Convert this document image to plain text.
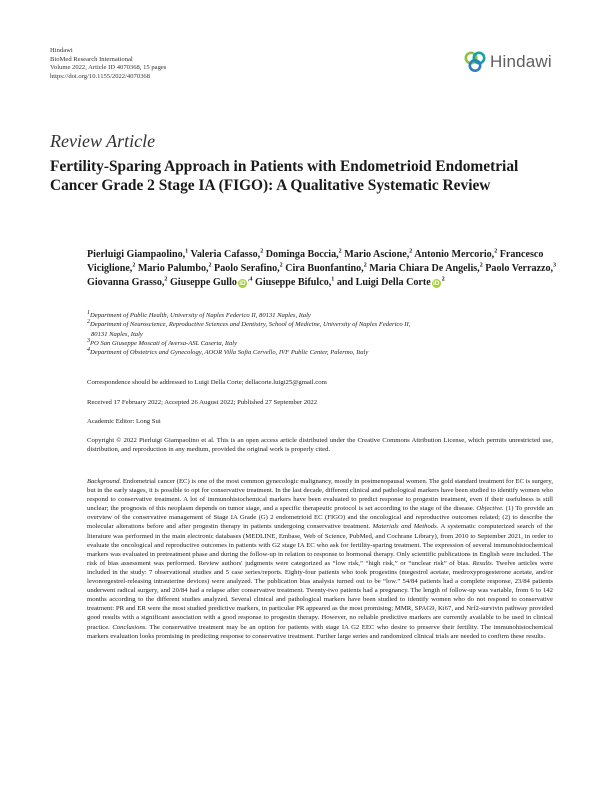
Hindawi
BioMed Research International
Volume 2022, Article ID 4070368, 15 pages
https://doi.org/10.1155/2022/4070368
Hindawi
Review Article
Fertility-Sparing Approach in Patients with Endometrioid Endometrial Cancer Grade 2 Stage IA (FIGO): A Qualitative Systematic Review
Pierluigi Giampaolino,$^1$ Valeria Cafasso,$^2$ Dominga Boccia,$^2$ Mario Ascione,$^2$ Antonio Mercorio,$^2$ Francesco Viciglione,$^2$ Mario Palumbo,$^2$ Paolo Serafino,$^2$ Cira Buonfantino,$^2$ Maria Chiara De Angelis,$^2$ Paolo Verrazzo,$^3$ Giovanna Grasso,$^2$ Giuseppe Gullo iD $^{,4}$ Giuseppe Bifulco,$^1$ and Luigi Della Corte iD $^2$
$^1$Department of Public Health, University of Naples Federico II, 80131 Naples, Italy
$^2$Department of Neuroscience, Reproductive Sciences and Dentistry, School of Medicine, University of Naples Federico II,
80131 Naples, Italy
$^3$PO San Giuseppe Moscati of Aversa-ASL Caserta, Italy
$^4$Department of Obstetrics and Gynecology, AOOR Villa Sofia Cervello, IVF Public Center, Palermo, Italy
Correspondence should be addressed to Luigi Della Corte; dellacorte.luigi25@gmail.com
Received 17 February 2022; Accepted 26 August 2022; Published 27 September 2022
Academic Editor: Long Sui
Copyright © 2022 Pierluigi Giampaolino et al. This is an open access article distributed under the Creative Commons Attribution License, which permits unrestricted use, distribution, and reproduction in any medium, provided the original work is properly cited.
Background. Endometrial cancer (EC) is one of the most common gynecologic malignancy, mostly in postmenopausal women. The gold standard treatment for EC is surgery, but in the early stages, it is possible to opt for conservative treatment. In the last decade, different clinical and pathological markers have been studied to identify women who respond to conservative treatment. A lot of immunohistochemical markers have been evaluated to predict response to progestin treatment, even if their usefulness is still unclear; the prognosis of this neoplasm depends on tumor stage, and a specific therapeutic protocol is set according to the stage of the disease. Objective. (1) To provide an overview of the conservative management of Stage IA Grade (G) 2 endometrioid EC (FIGO) and the oncological and reproductive outcomes related; (2) to describe the molecular alterations before and after progestin therapy in patients undergoing conservative treatment. Materials and Methods. A systematic computerized search of the literature was performed in the main electronic databases (MEDLINE, Embase, Web of Science, PubMed, and Cochrane Library), from 2010 to September 2021, in order to evaluate the oncological and reproductive outcomes in patients with G2 stage IA EC who ask for fertility-sparing treatment. The expression of several immunohistochemical markers was evaluated in pretreatment phase and during the follow-up in relation to response to hormonal therapy. Only scientific publications in English were included. The risk of bias assessment was performed. Review authors' judgments were categorized as “low risk,” “high risk,” or “unclear risk” of bias. Results. Twelve articles were included in the study: 7 observational studies and 5 case series/reports. Eighty-four patients who took progestins (megestrol acetate, medroxyprogesterone acetate, and/or levonorgestrel-releasing intrauterine devices) were analyzed. The publication bias analysis turned out to be “low.” 54/84 patients had a complete response, 23/84 patients underwent radical surgery, and 20/84 had a relapse after conservative treatment. Twenty-two patients had a pregnancy. The length of follow-up was variable, from 6 to 142 months according to the different studies analyzed. Several clinical and pathological markers have been studied to identify women who do not respond to conservative treatment: PR and ER were the most studied predictive markers, in particular PR appeared as the most promising; MMR, SPAG9, Ki67, and Nrf2-survivin pathway provided good results with a significant association with a good response to progestin therapy. However, no reliable predictive markers are currently available to be used in clinical practice. Conclusions. The conservative treatment may be an option for patients with stage IA G2 EEC who desire to preserve their fertility. The immunohistochemical markers evaluation looks promising in predicting response to conservative treatment. Further large series and randomized clinical trials are needed to confirm these results.
